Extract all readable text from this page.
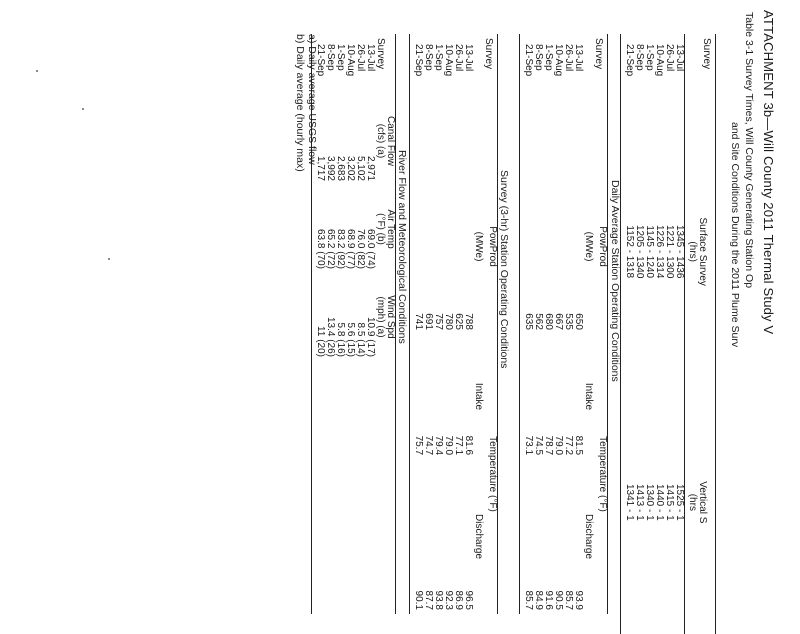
ATTACHMENT 3b—Will County 2011 Thermal Study V
Table 3-1 Survey Times, Will County Generating Station Op
and Site Conditions During the 2011 Plume Surv
Survey	Surface Survey	Vertical S
	(hrs)	(hrs
13-Jul	1345 - 1436	1525 - 1
26-Jul	1221 - 1300	1415 - 1
10-Aug	1226 - 1314	1440 - 1
1-Sep	1145 - 1240	1340 - 1
8-Sep	1205 - 1340	1413 - 1
21-Sep	1152 - 1318	1341 - 1
Daily Average Station Operating Conditions
Survey	PowProd	Temperature (°F)	
	(MWe)	Intake	Discharge
13-Jul	650	81.5	93.9
26-Jul	535	77.2	85.7
10-Aug	667	79.0	90.5
1-Sep	680	78.7	91.6
8-Sep	562	74.5	84.9
21-Sep	635	73.1	85.7
Survey (3-hr) Station Operating Conditions
Survey	PowProd	Temperature (°F)	
	(MWe)	Intake	Discharge
13-Jul	788	81.6	96.5
26-Jul	625	77.1	86.9
10-Aug	780	79.0	92.3
1-Sep	757	79.4	93.8
8-Sep	691	74.7	87.7
21-Sep	741	75.7	90.1
River Flow and Meteorological Conditions
	Canal Flow	Air Temp	Wind Spd	
Survey	(cfs) (a)	(°F) (b)	(mph) (a)	
13-Jul	2,971	69.0 (74)	10.9 (17)	
26-Jul	5,102	76.0 (82)	8.5 (14)	
10-Aug	3,202	68.9 (77)	5.6 (15)	
1-Sep	2,683	83.2 (92)	5.8 (16)	
8-Sep	3,992	65.2 (72)	13.4 (26)	
21-Sep	1,717	63.8 (70)	11 (20)	
a) Daily average USGS flow
b) Daily average (hourly max)
